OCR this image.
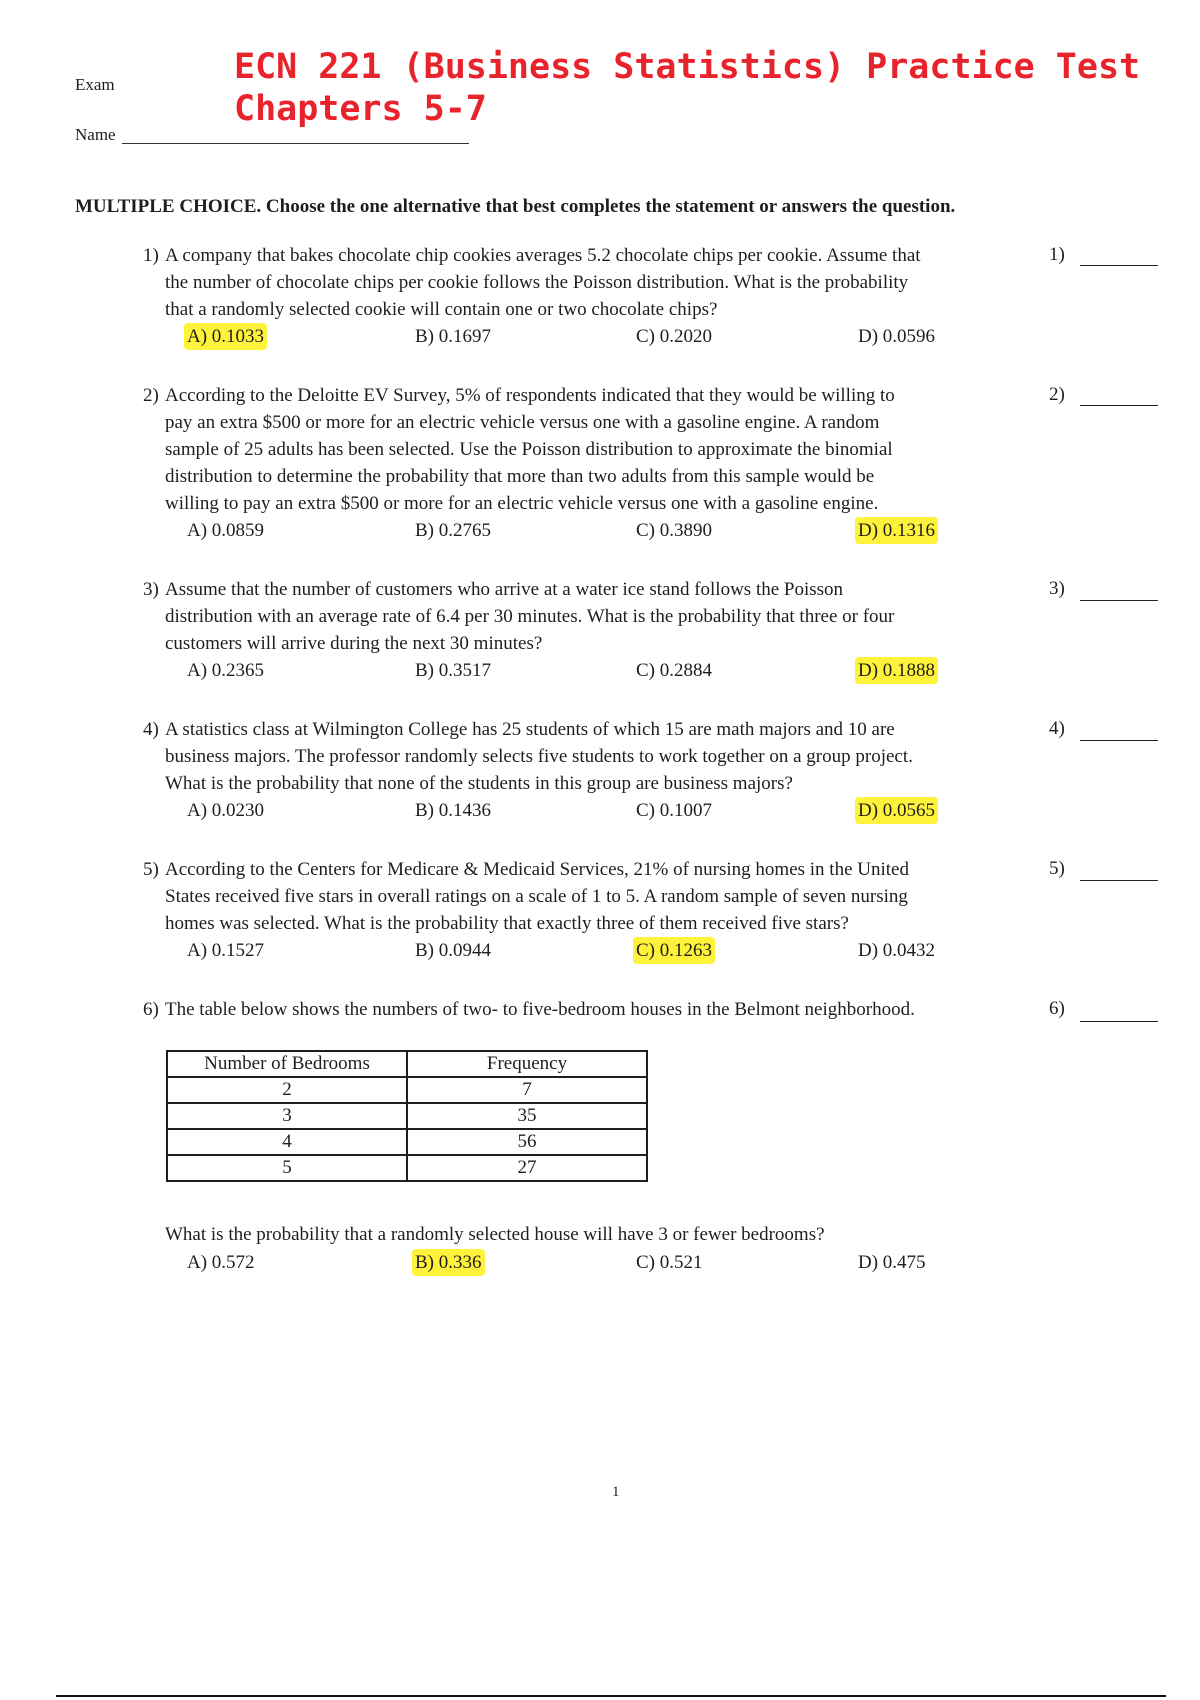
Exam
Name
ECN 221 (Business Statistics) Practice Test
Chapters 5-7
MULTIPLE CHOICE. Choose the one alternative that best completes the statement or answers the question.
1) A company that bakes chocolate chip cookies averages 5.2 chocolate chips per cookie. Assume that
the number of chocolate chips per cookie follows the Poisson distribution. What is the probability
that a randomly selected cookie will contain one or two chocolate chips?
A) 0.1033	B) 0.1697	C) 0.2020	D) 0.0596
1)
2) According to the Deloitte EV Survey, 5% of respondents indicated that they would be willing to
pay an extra $500 or more for an electric vehicle versus one with a gasoline engine. A random
sample of 25 adults has been selected. Use the Poisson distribution to approximate the binomial
distribution to determine the probability that more than two adults from this sample would be
willing to pay an extra $500 or more for an electric vehicle versus one with a gasoline engine.
A) 0.0859	B) 0.2765	C) 0.3890	D) 0.1316
2)
3) Assume that the number of customers who arrive at a water ice stand follows the Poisson
distribution with an average rate of 6.4 per 30 minutes. What is the probability that three or four
customers will arrive during the next 30 minutes?
A) 0.2365	B) 0.3517	C) 0.2884	D) 0.1888
3)
4) A statistics class at Wilmington College has 25 students of which 15 are math majors and 10 are
business majors. The professor randomly selects five students to work together on a group project.
What is the probability that none of the students in this group are business majors?
A) 0.0230	B) 0.1436	C) 0.1007	D) 0.0565
4)
5) According to the Centers for Medicare & Medicaid Services, 21% of nursing homes in the United
States received five stars in overall ratings on a scale of 1 to 5. A random sample of seven nursing
homes was selected. What is the probability that exactly three of them received five stars?
A) 0.1527	B) 0.0944	C) 0.1263	D) 0.0432
5)
6) The table below shows the numbers of two- to five-bedroom houses in the Belmont neighborhood.	6)
Number of Bedrooms	Frequency
2	7
3	35
4	56
5	27
What is the probability that a randomly selected house will have 3 or fewer bedrooms?
A) 0.572	B) 0.336	C) 0.521	D) 0.475
1
